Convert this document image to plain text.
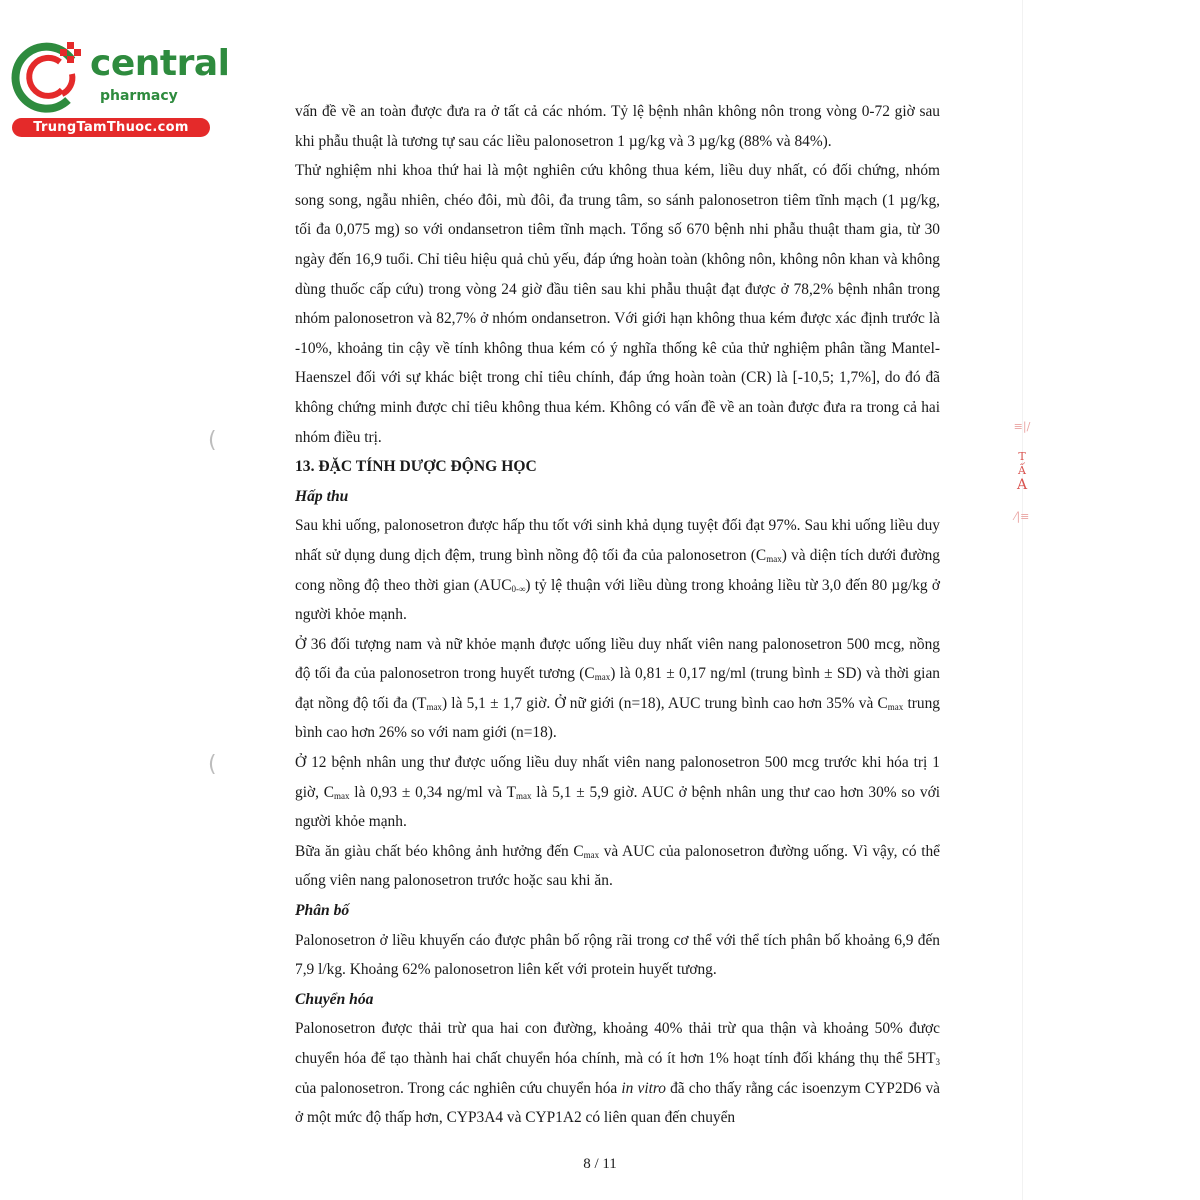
central
pharmacy
TrungTamThuoc.com
(
(
≡|/
T
Ấ
A
⁄|≡

vấn đề về an toàn được đưa ra ở tất cả các nhóm. Tỷ lệ bệnh nhân không nôn trong vòng 0-72 giờ sau khi phẫu thuật là tương tự sau các liều palonosetron 1 µg/kg và 3 µg/kg (88% và 84%).

Thử nghiệm nhi khoa thứ hai là một nghiên cứu không thua kém, liều duy nhất, có đối chứng, nhóm song song, ngẫu nhiên, chéo đôi, mù đôi, đa trung tâm, so sánh palonosetron tiêm tĩnh mạch (1 µg/kg, tối đa 0,075 mg) so với ondansetron tiêm tĩnh mạch. Tổng số 670 bệnh nhi phẫu thuật tham gia, từ 30 ngày đến 16,9 tuổi. Chỉ tiêu hiệu quả chủ yếu, đáp ứng hoàn toàn (không nôn, không nôn khan và không dùng thuốc cấp cứu) trong vòng 24 giờ đầu tiên sau khi phẫu thuật đạt được ở 78,2% bệnh nhân trong nhóm palonosetron và 82,7% ở nhóm ondansetron. Với giới hạn không thua kém được xác định trước là -10%, khoảng tin cậy về tính không thua kém có ý nghĩa thống kê của thử nghiệm phân tầng Mantel-Haenszel đối với sự khác biệt trong chỉ tiêu chính, đáp ứng hoàn toàn (CR) là [-10,5; 1,7%], do đó đã không chứng minh được chỉ tiêu không thua kém. Không có vấn đề về an toàn được đưa ra trong cả hai nhóm điều trị.

13. ĐẶC TÍNH DƯỢC ĐỘNG HỌC

Hấp thu

Sau khi uống, palonosetron được hấp thu tốt với sinh khả dụng tuyệt đối đạt 97%. Sau khi uống liều duy nhất sử dụng dung dịch đệm, trung bình nồng độ tối đa của palonosetron $(C_{max})$ và diện tích dưới đường cong nồng độ theo thời gian $(AUC_{0-\infty})$ tỷ lệ thuận với liều dùng trong khoảng liều từ 3,0 đến 80 µg/kg ở người khỏe mạnh.

Ở 36 đối tượng nam và nữ khỏe mạnh được uống liều duy nhất viên nang palonosetron 500 mcg, nồng độ tối đa của palonosetron trong huyết tương $(C_{max})$ là 0,81 ± 0,17 ng/ml (trung bình ± SD) và thời gian đạt nồng độ tối đa $(T_{max})$ là 5,1 ± 1,7 giờ. Ở nữ giới (n=18), AUC trung bình cao hơn 35% và $C_{max}$ trung bình cao hơn 26% so với nam giới (n=18).

Ở 12 bệnh nhân ung thư được uống liều duy nhất viên nang palonosetron 500 mcg trước khi hóa trị 1 giờ, $C_{max}$ là 0,93 ± 0,34 ng/ml và $T_{max}$ là 5,1 ± 5,9 giờ. AUC ở bệnh nhân ung thư cao hơn 30% so với người khỏe mạnh.

Bữa ăn giàu chất béo không ảnh hưởng đến $C_{max}$ và AUC của palonosetron đường uống. Vì vậy, có thể uống viên nang palonosetron trước hoặc sau khi ăn.

Phân bố

Palonosetron ở liều khuyến cáo được phân bố rộng rãi trong cơ thể với thể tích phân bố khoảng 6,9 đến 7,9 l/kg. Khoảng 62% palonosetron liên kết với protein huyết tương.

Chuyển hóa

Palonosetron được thải trừ qua hai con đường, khoảng 40% thải trừ qua thận và khoảng 50% được chuyển hóa để tạo thành hai chất chuyển hóa chính, mà có ít hơn 1% hoạt tính đối kháng thụ thể $5HT_3$ của palonosetron. Trong các nghiên cứu chuyển hóa in vitro đã cho thấy rằng các isoenzym CYP2D6 và ở một mức độ thấp hơn, CYP3A4 và CYP1A2 có liên quan đến chuyển

8 / 11
